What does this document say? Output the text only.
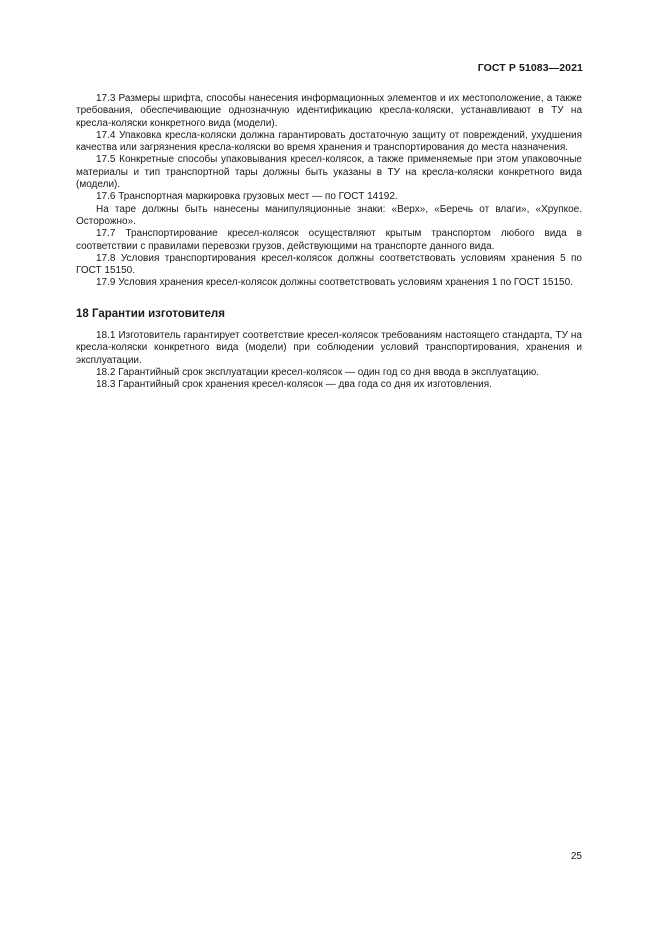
ГОСТ Р 51083—2021

17.3 Размеры шрифта, способы нанесения информационных элементов и их местоположение, а также требования, обеспечивающие однозначную идентификацию кресла-коляски, устанавливают в ТУ на кресла-коляски конкретного вида (модели).

17.4 Упаковка кресла-коляски должна гарантировать достаточную защиту от повреждений, ухудшения качества или загрязнения кресла-коляски во время хранения и транспортирования до места назначения.

17.5 Конкретные способы упаковывания кресел-колясок, а также применяемые при этом упаковочные материалы и тип транспортной тары должны быть указаны в ТУ на кресла-коляски конкретного вида (модели).

17.6 Транспортная маркировка грузовых мест — по ГОСТ 14192.

На таре должны быть нанесены манипуляционные знаки: «Верх», «Беречь от влаги», «Хрупкое. Осторожно».

17.7 Транспортирование кресел-колясок осуществляют крытым транспортом любого вида в соответствии с правилами перевозки грузов, действующими на транспорте данного вида.

17.8 Условия транспортирования кресел-колясок должны соответствовать условиям хранения 5 по ГОСТ 15150.

17.9 Условия хранения кресел-колясок должны соответствовать условиям хранения 1 по ГОСТ 15150.

18 Гарантии изготовителя

18.1 Изготовитель гарантирует соответствие кресел-колясок требованиям настоящего стандарта, ТУ на кресла-коляски конкретного вида (модели) при соблюдении условий транспортирования, хранения и эксплуатации.

18.2 Гарантийный срок эксплуатации кресел-колясок — один год со дня ввода в эксплуатацию.

18.3 Гарантийный срок хранения кресел-колясок — два года со дня их изготовления.

25
